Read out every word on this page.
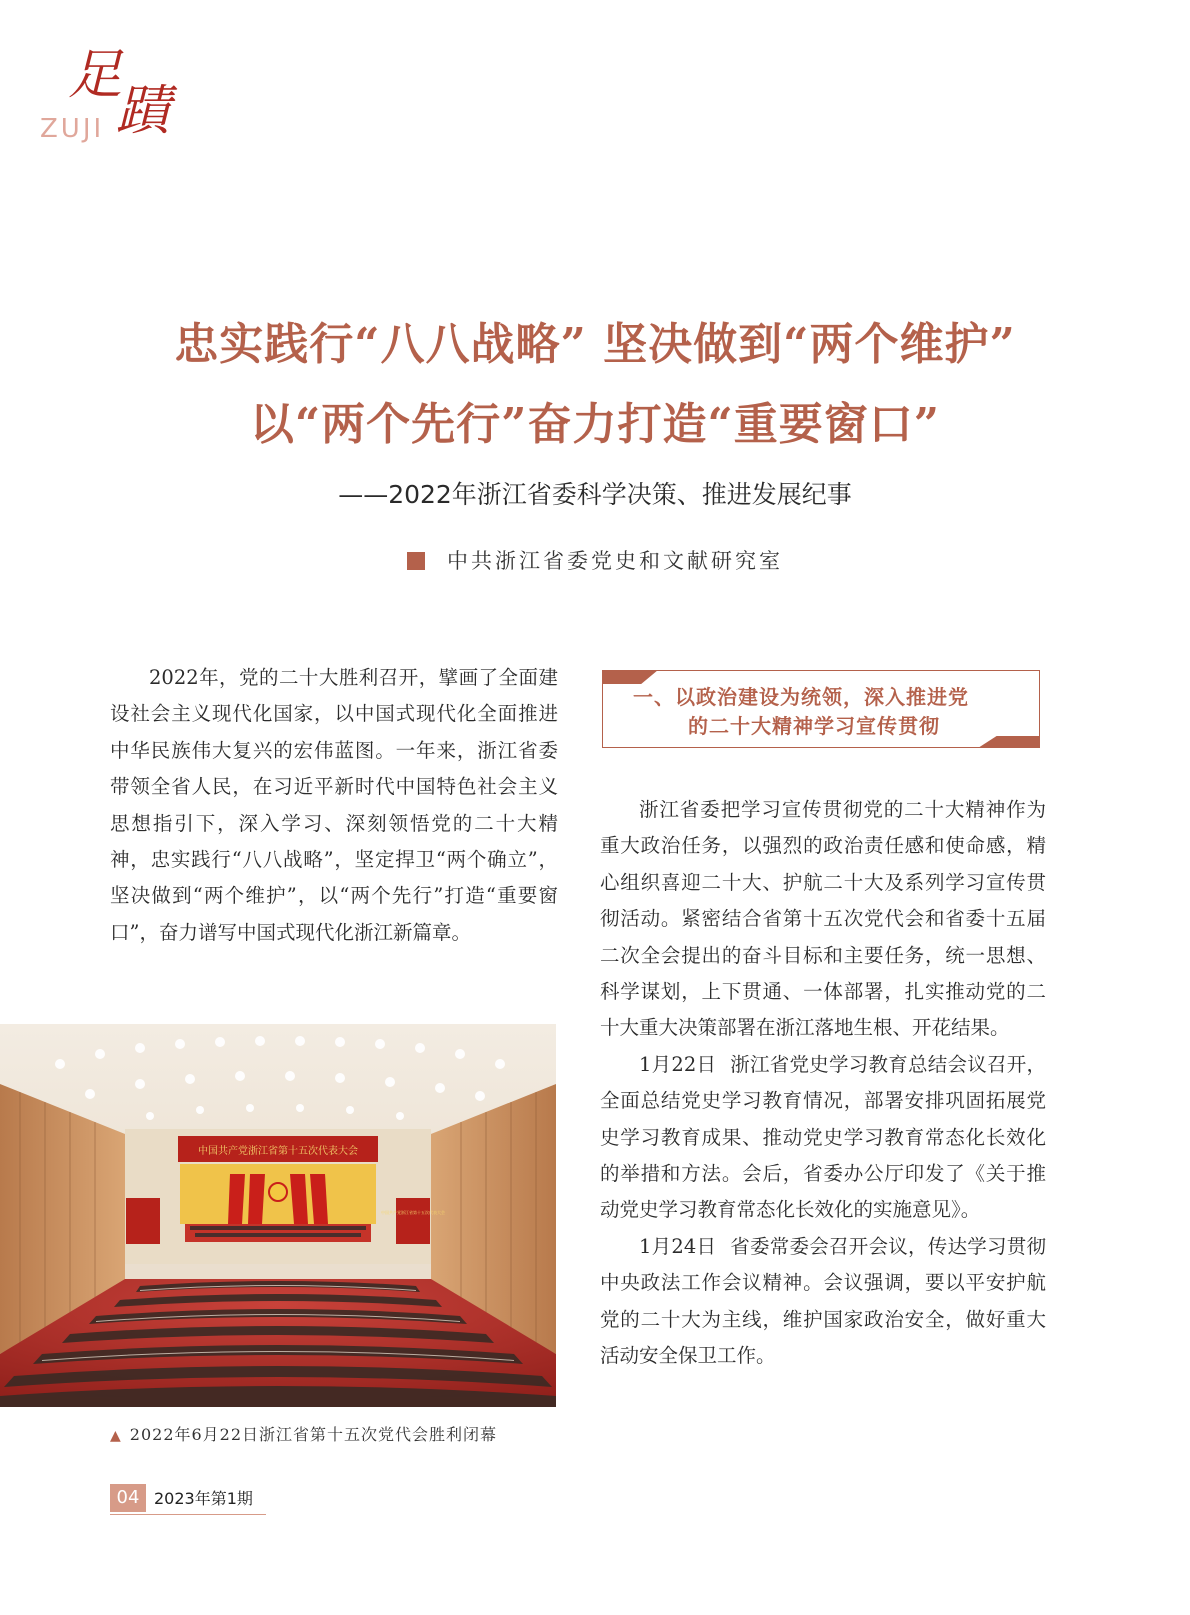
足
蹟
ZUJI
忠实践行“八八战略” 坚决做到“两个维护”
以“两个先行”奋力打造“重要窗口”
——2022年浙江省委科学决策、推进发展纪事
中共浙江省委党史和文献研究室

2022年，党的二十大胜利召开，擘画了全面建设社会主义现代化国家，以中国式现代化全面推进中华民族伟大复兴的宏伟蓝图。一年来，浙江省委带领全省人民，在习近平新时代中国特色社会主义思想指引下，深入学习、深刻领悟党的二十大精神，忠实践行“八八战略”，坚定捍卫“两个确立”，坚决做到“两个维护”，以“两个先行”打造“重要窗口”，奋力谱写中国式现代化浙江新篇章。

一、以政治建设为统领，深入推进党
的二十大精神学习宣传贯彻

浙江省委把学习宣传贯彻党的二十大精神作为重大政治任务，以强烈的政治责任感和使命感，精心组织喜迎二十大、护航二十大及系列学习宣传贯彻活动。紧密结合省第十五次党代会和省委十五届二次全会提出的奋斗目标和主要任务，统一思想、科学谋划，上下贯通、一体部署，扎实推动党的二十大重大决策部署在浙江落地生根、开花结果。

1月22日 浙江省党史学习教育总结会议召开，全面总结党史学习教育情况，部署安排巩固拓展党史学习教育成果、推动党史学习教育常态化长效化的举措和方法。会后，省委办公厅印发了《关于推动党史学习教育常态化长效化的实施意见》。

1月24日 省委常委会召开会议，传达学习贯彻中央政法工作会议精神。会议强调，要以平安护航党的二十大为主线，维护国家政治安全，做好重大活动安全保卫工作。

中国共产党浙江省第十五次代表大会
中国共产党浙江省第十五次代表大会
▲ 2022年6月22日浙江省第十五次党代会胜利闭幕
04 2023年第1期
